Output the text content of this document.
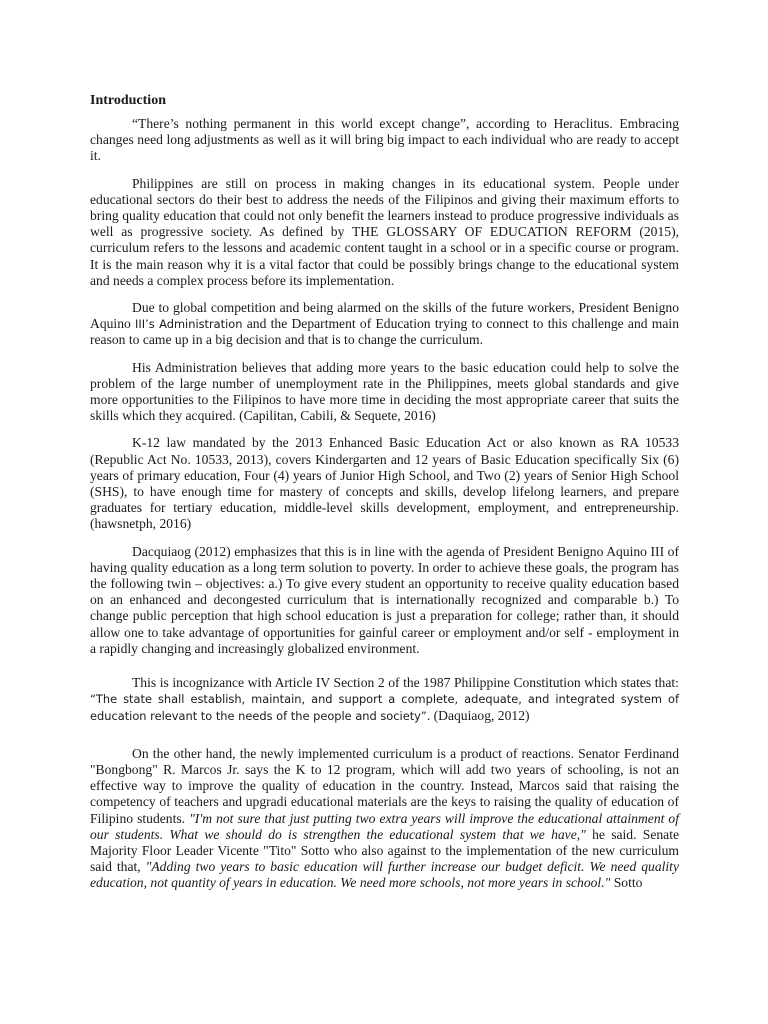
Introduction

“There’s nothing permanent in this world except change”, according to Heraclitus. Embracing changes need long adjustments as well as it will bring big impact to each individual who are ready to accept it.

Philippines are still on process in making changes in its educational system. People under educational sectors do their best to address the needs of the Filipinos and giving their maximum efforts to bring quality education that could not only benefit the learners instead to produce progressive individuals as well as progressive society. As defined by THE GLOSSARY OF EDUCATION REFORM (2015), curriculum refers to the lessons and academic content taught in a school or in a specific course or program. It is the main reason why it is a vital factor that could be possibly brings change to the educational system and needs a complex process before its implementation.

Due to global competition and being alarmed on the skills of the future workers, President Benigno Aquino III’s Administration and the Department of Education trying to connect to this challenge and main reason to came up in a big decision and that is to change the curriculum.

His Administration believes that adding more years to the basic education could help to solve the problem of the large number of unemployment rate in the Philippines, meets global standards and give more opportunities to the Filipinos to have more time in deciding the most appropriate career that suits the skills which they acquired. (Capilitan, Cabili, & Sequete, 2016)

K-12 law mandated by the 2013 Enhanced Basic Education Act or also known as RA 10533 (Republic Act No. 10533, 2013), covers Kindergarten and 12 years of Basic Education specifically Six (6) years of primary education, Four (4) years of Junior High School, and Two (2) years of Senior High School (SHS), to have enough time for mastery of concepts and skills, develop lifelong learners, and prepare graduates for tertiary education, middle-level skills development, employment, and entrepreneurship. (hawsnetph, 2016)

Dacquiaog (2012) emphasizes that this is in line with the agenda of President Benigno Aquino III of having quality education as a long term solution to poverty. In order to achieve these goals, the program has the following twin – objectives: a.) To give every student an opportunity to receive quality education based on an enhanced and decongested curriculum that is internationally recognized and comparable b.) To change public perception that high school education is just a preparation for college; rather than, it should allow one to take advantage of opportunities for gainful career or employment and/or self - employment in a rapidly changing and increasingly globalized environment.

This is incognizance with Article IV Section 2 of the 1987 Philippine Constitution which states that: “The state shall establish, maintain, and support a complete, adequate, and integrated system of education relevant to the needs of the people and society”. (Daquiaog, 2012)

On the other hand, the newly implemented curriculum is a product of reactions. Senator Ferdinand "Bongbong" R. Marcos Jr. says the K to 12 program, which will add two years of schooling, is not an effective way to improve the quality of education in the country. Instead, Marcos said that raising the competency of teachers and upgradi educational materials are the keys to raising the quality of education of Filipino students. "I'm not sure that just putting two extra years will improve the educational attainment of our students. What we should do is strengthen the educational system that we have," he said. Senate Majority Floor Leader Vicente "Tito" Sotto who also against to the implementation of the new curriculum said that, "Adding two years to basic education will further increase our budget deficit. We need quality education, not quantity of years in education. We need more schools, not more years in school." Sotto
